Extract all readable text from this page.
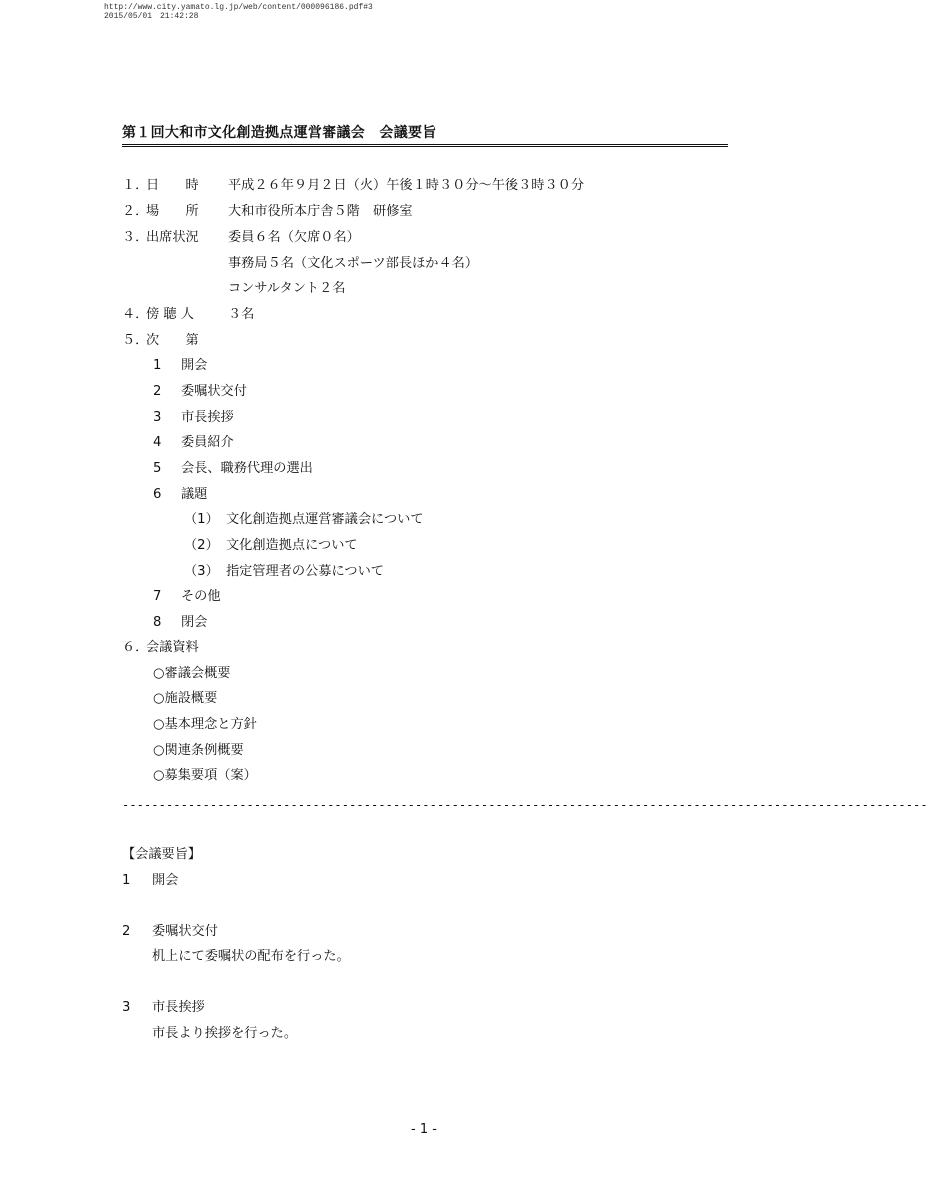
http://www.city.yamato.lg.jp/web/content/000096186.pdf#3
2015/05/01　21:42:28
第１回大和市文化創造拠点運営審議会　会議要旨
１．日　　時 平成２６年９月２日（火）午後１時３０分～午後３時３０分
２．場　　所 大和市役所本庁舎５階　研修室
３．出席状況 委員６名（欠席０名）
事務局５名（文化スポーツ部長ほか４名）
コンサルタント２名
４．傍 聴 人	３名
５．次　　第
1 開会
2 委嘱状交付
3 市長挨拶
4 委員紹介
5 会長、職務代理の選出
6 議題
（1） 文化創造拠点運営審議会について
（2） 文化創造拠点について
（3） 指定管理者の公募について
7 その他
8 閉会
６．会議資料
○審議会概要
○施設概要
○基本理念と方針
○関連条例概要
○募集要項（案）
‐‐‐‐‐‐‐‐‐‐‐‐‐‐‐‐‐‐‐‐‐‐‐‐‐‐‐‐‐‐‐‐‐‐‐‐‐‐‐‐‐‐‐‐‐‐‐‐‐‐‐‐‐‐‐‐‐‐‐‐‐‐‐‐‐‐‐‐‐‐‐‐‐‐‐‐‐‐‐‐‐‐‐‐‐‐‐‐‐‐‐‐‐‐‐‐‐‐‐‐‐‐‐‐‐‐‐‐‐‐
【会議要旨】
1 開会
2 委嘱状交付
机上にて委嘱状の配布を行った。
3 市長挨拶
市長より挨拶を行った。
- 1 -
